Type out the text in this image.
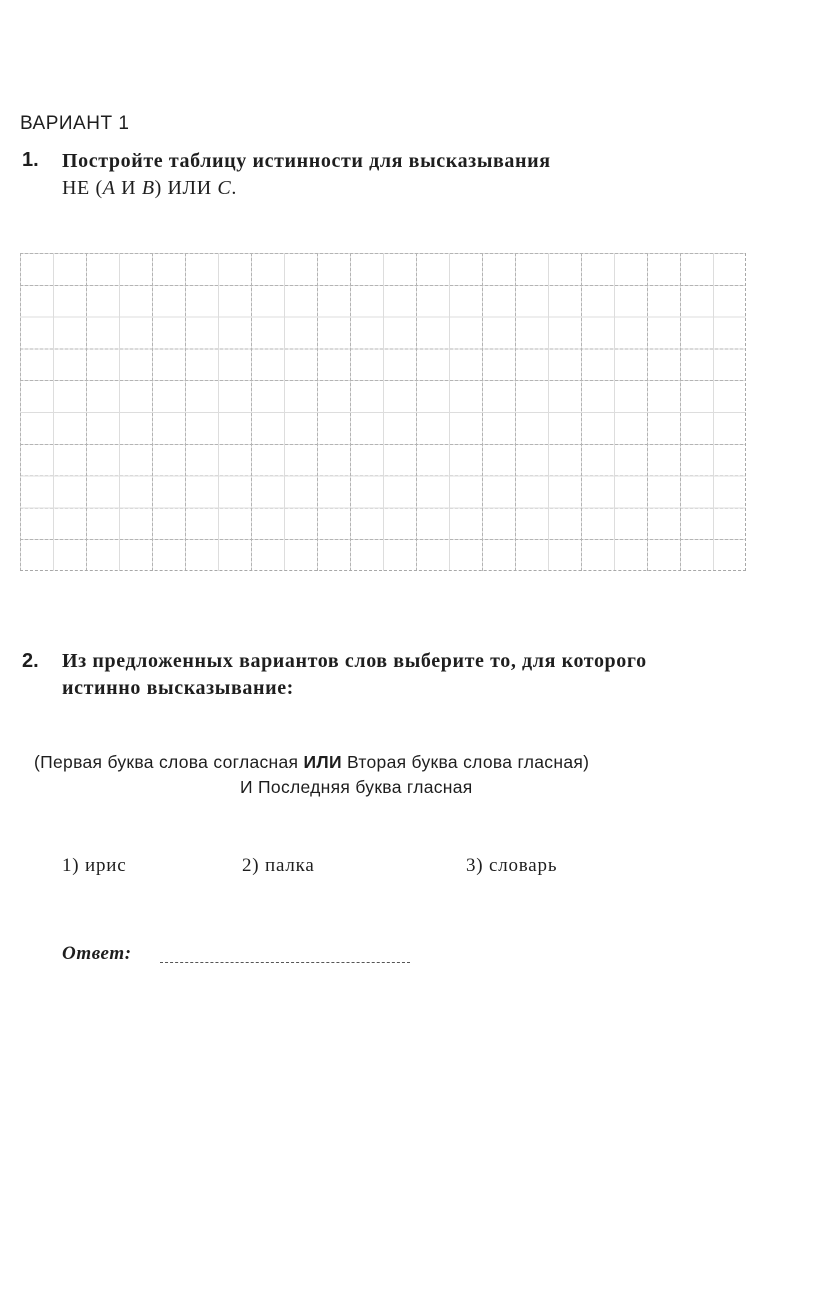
ВАРИАНТ 1
1. Постройте таблицу истинности для высказывания
НЕ (А И B) ИЛИ C.
2. Из предложенных вариантов слов выберите то, для которого
истинно высказывание:
(Первая буква слова согласная ИЛИ Вторая буква слова гласная)
И Последняя буква гласная
1) ирис	2) палка	3) словарь
Ответ:
